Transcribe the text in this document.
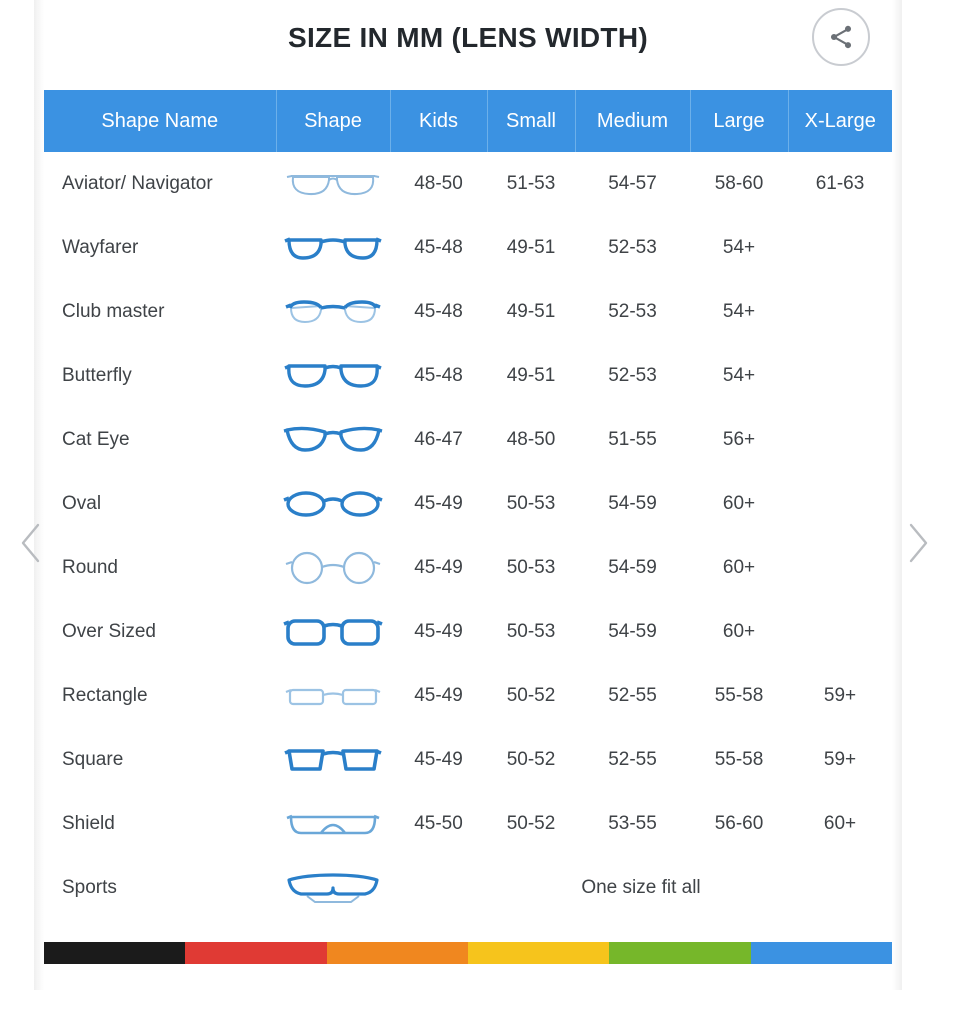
SIZE IN MM (LENS WIDTH)
Shape Name	Shape	Kids	Small	Medium	Large	X-Large
Aviator/ Navigator		48-50	51-53	54-57	58-60	61-63
Wayfarer		45-48	49-51	52-53	54+	
Club master		45-48	49-51	52-53	54+	
Butterfly		45-48	49-51	52-53	54+	
Cat Eye		46-47	48-50	51-55	56+	
Oval		45-49	50-53	54-59	60+	
Round		45-49	50-53	54-59	60+	
Over Sized		45-49	50-53	54-59	60+	
Rectangle		45-49	50-52	52-55	55-58	59+
Square		45-49	50-52	52-55	55-58	59+
Shield		45-50	50-52	53-55	56-60	60+
Sports		One size fit all				
